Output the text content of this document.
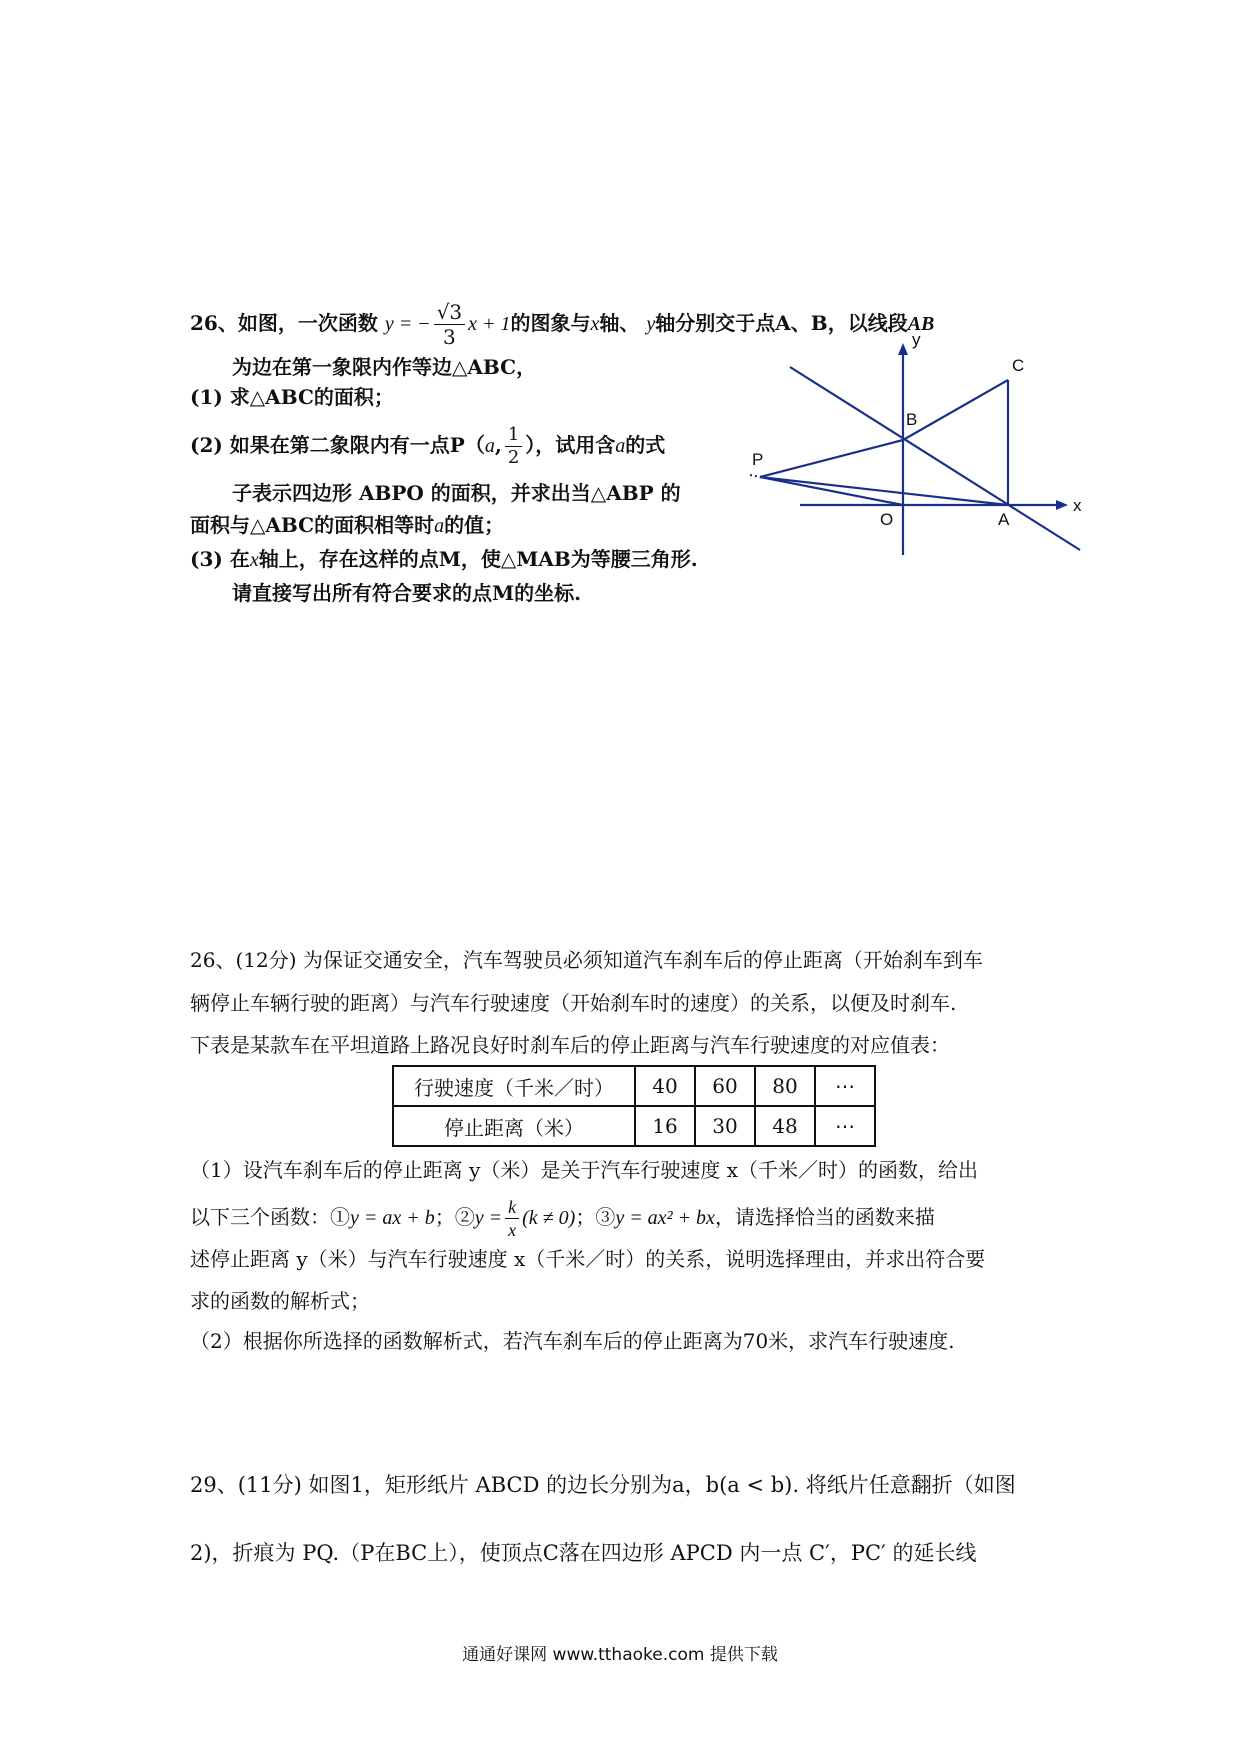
26、如图，一次函数 y = − $\frac{√3}{3}$ x + 1的图象与x轴、 y轴分别交于点A、B，以线段AB
为边在第一象限内作等边△ABC，
(1) 求△ABC的面积；
(2) 如果在第二象限内有一点P（a, $\frac{1}{2}$ ），试用含a的式
子表示四边形 ABPO 的面积，并求出当△ABP 的
面积与△ABC的面积相等时a的值；
(3) 在x轴上，存在这样的点M，使△MAB为等腰三角形.
请直接写出所有符合要求的点M的坐标.
y
x
C
B
P
O	A
26、(12分) 为保证交通安全，汽车驾驶员必须知道汽车刹车后的停止距离（开始刹车到车
辆停止车辆行驶的距离）与汽车行驶速度（开始刹车时的速度）的关系，以便及时刹车.
下表是某款车在平坦道路上路况良好时刹车后的停止距离与汽车行驶速度的对应值表：
行驶速度（千米／时）	40	60	80	⋯
停止距离（米）	16	30	48	⋯
（1）设汽车刹车后的停止距离 y（米）是关于汽车行驶速度 x（千米／时）的函数，给出
以下三个函数：①y = ax + b；②y = $\frac{k}{x} (k \ne 0)$；③y = ax² + bx，请选择恰当的函数来描
述停止距离 y（米）与汽车行驶速度 x（千米／时）的关系，说明选择理由，并求出符合要
求的函数的解析式；
（2）根据你所选择的函数解析式，若汽车刹车后的停止距离为70米，求汽车行驶速度.
29、(11分) 如图1，矩形纸片 ABCD 的边长分别为a，b(a < b). 将纸片任意翻折（如图
2)，折痕为 PQ.（P在BC上），使顶点C落在四边形 APCD 内一点 C′，PC′ 的延长线
通通好课网 www.tthaoke.com 提供下载
